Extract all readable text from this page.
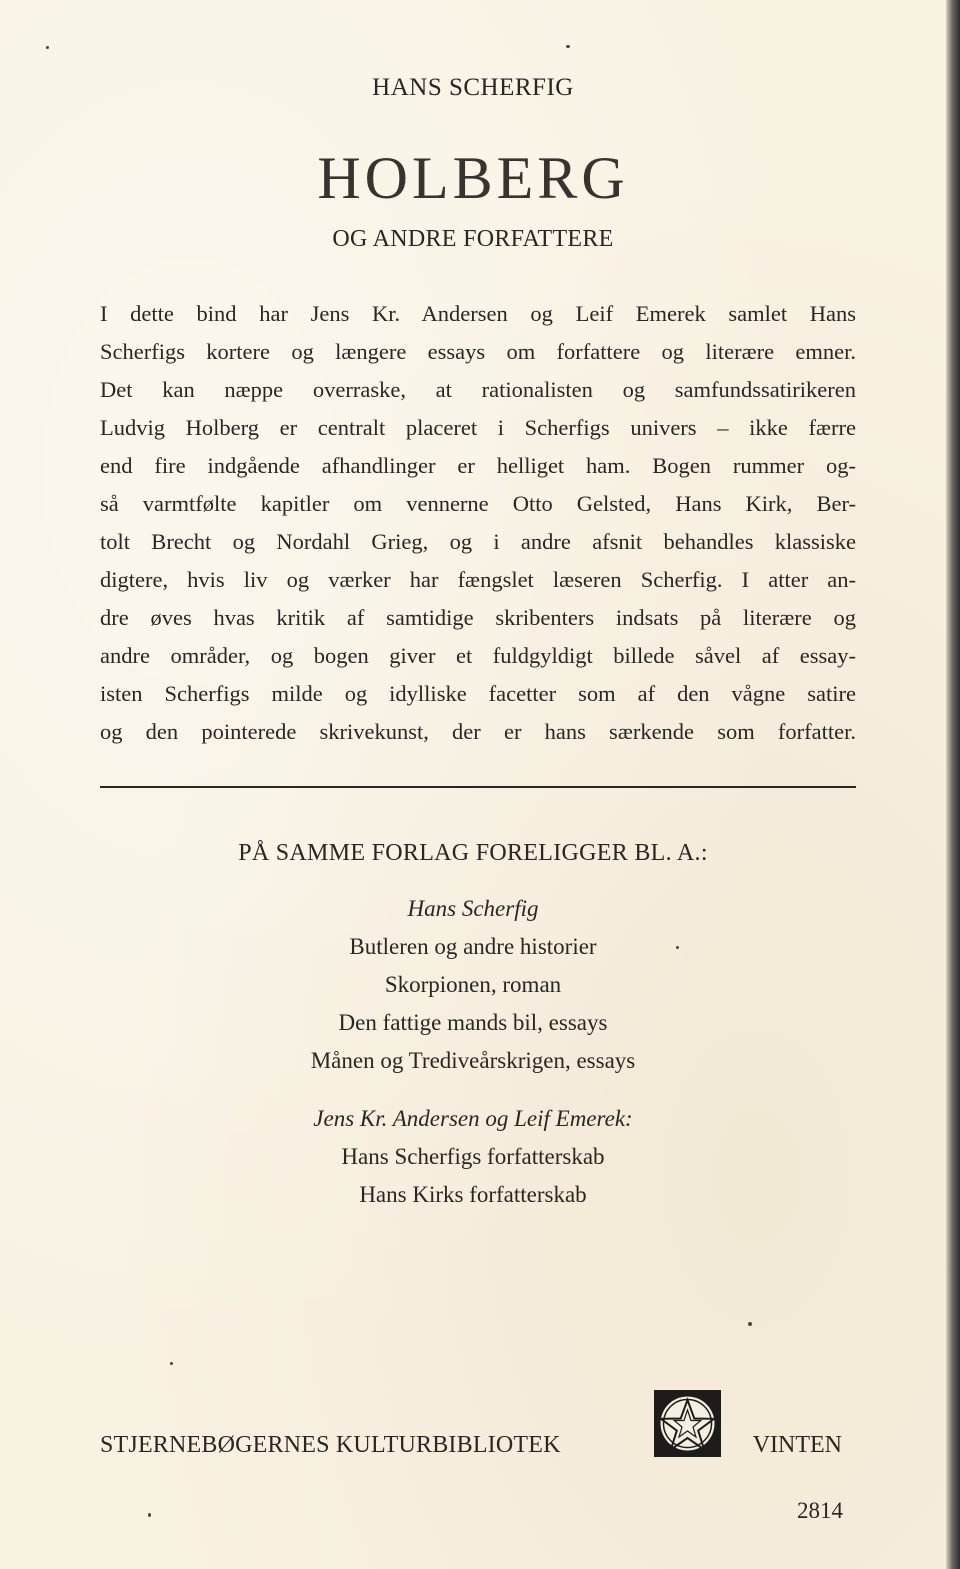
HANS SCHERFIG
HOLBERG
OG ANDRE FORFATTERE
I dette bind har Jens Kr. Andersen og Leif Emerek samlet Hans
Scherfigs kortere og længere essays om forfattere og literære emner.
Det kan næppe overraske, at rationalisten og samfundssatirikeren
Ludvig Holberg er centralt placeret i Scherfigs univers – ikke færre
end fire indgående afhandlinger er helliget ham. Bogen rummer og-
så varmtfølte kapitler om vennerne Otto Gelsted, Hans Kirk, Ber-
tolt Brecht og Nordahl Grieg, og i andre afsnit behandles klassiske
digtere, hvis liv og værker har fængslet læseren Scherfig. I atter an-
dre øves hvas kritik af samtidige skribenters indsats på literære og
andre områder, og bogen giver et fuldgyldigt billede såvel af essay-
isten Scherfigs milde og idylliske facetter som af den vågne satire
og den pointerede skrivekunst, der er hans særkende som forfatter.
PÅ SAMME FORLAG FORELIGGER BL. A.:
Hans Scherfig
Butleren og andre historier
Skorpionen, roman
Den fattige mands bil, essays
Månen og Trediveårskrigen, essays
Jens Kr. Andersen og Leif Emerek:
Hans Scherfigs forfatterskab
Hans Kirks forfatterskab
STJERNEBØGERNES KULTURBIBLIOTEK	VINTEN
2814
